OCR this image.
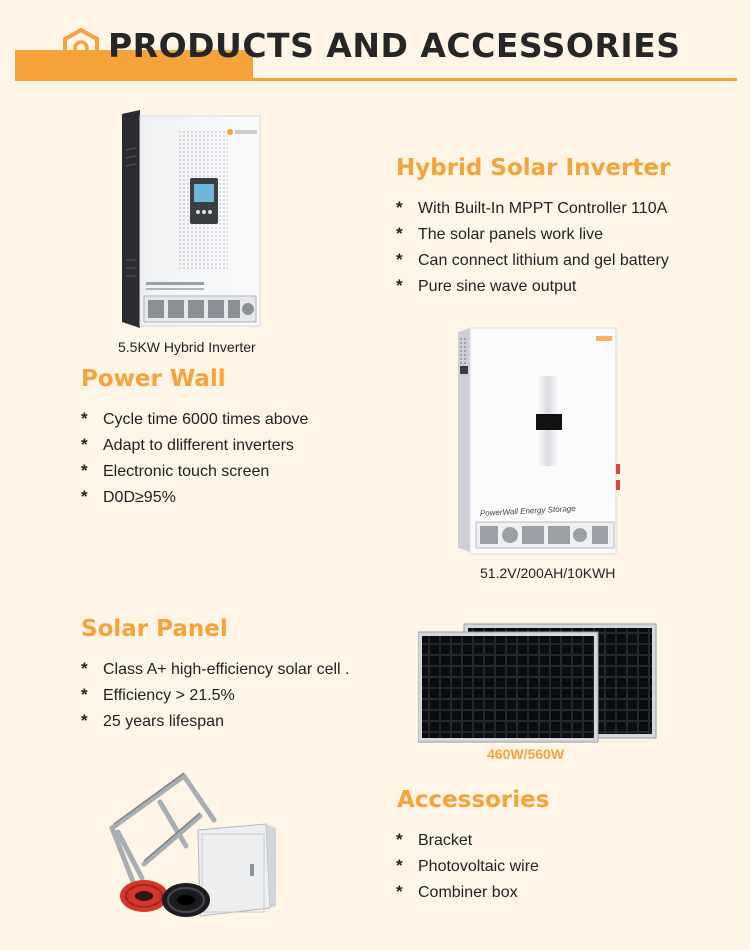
PRODUCTS AND ACCESSORIES
5.5KW Hybrid Inverter
Hybrid Solar Inverter
* With Built-In MPPT Controller 110A
* The solar panels work live
* Can connect lithium and gel battery
* Pure sine wave output
Power Wall
* Cycle time 6000 times above
* Adapt to dlifferent inverters
* Electronic touch screen
* D0D≥95%
PowerWall Energy Storage
51.2V/200AH/10KWH
Solar Panel
* Class A+ high-efficiency solar cell .
* Efficiency > 21.5%
* 25 years lifespan
460W/560W
Accessories
* Bracket
* Photovoltaic wire
* Combiner box
